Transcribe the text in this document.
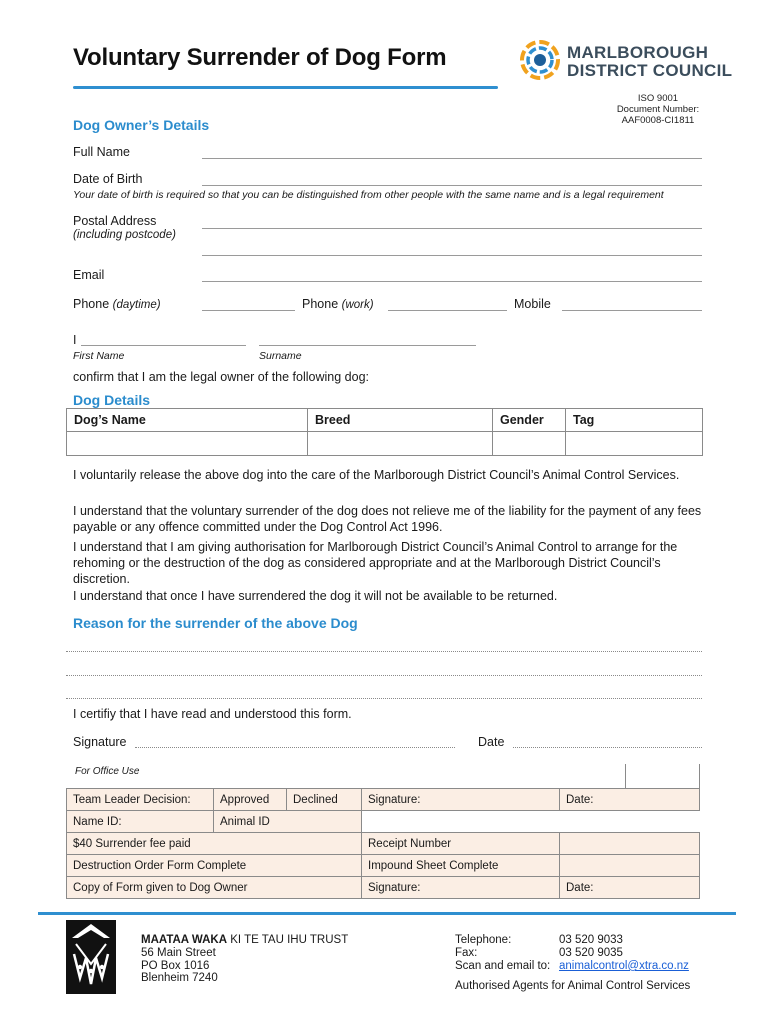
Voluntary Surrender of Dog Form	MARLBOROUGH
DISTRICT COUNCIL
ISO 9001
Document Number:
AAF0008-CI1811
Dog Owner’s Details
Full Name
Date of Birth
Your date of birth is required so that you can be distinguished from other people with the same name and is a legal requirement
Postal Address
(including postcode)
Email
Phone (daytime)	Phone (work)	Mobile
I
First Name	Surname
confirm that I am the legal owner of the following dog:
Dog Details
Dog’s Name	Breed	Gender	Tag

I voluntarily release the above dog into the care of the Marlborough District Council’s Animal Control Services.
I understand that the voluntary surrender of the dog does not relieve me of the liability for the payment of any fees payable or any offence committed under the Dog Control Act 1996.
I understand that I am giving authorisation for Marlborough District Council’s Animal Control to arrange for the rehoming or the destruction of the dog as considered appropriate and at the Marlborough District Council’s discretion.
I understand that once I have surrendered the dog it will not be available to be returned.
Reason for the surrender of the above Dog
I certifiy that I have read and understood this form.
Signature	Date
For Office Use
Team Leader Decision:	Approved	Declined	Signature:		Date:	
Name ID:	Animal ID					
$40 Surrender fee paid			Receipt Number			
Destruction Order Form Complete			Impound Sheet Complete			
Copy of Form given to Dog Owner			Signature:		Date:	
MAATAA WAKA KI TE TAU IHU TRUST
56 Main Street
PO Box 1016
Blenheim 7240
Telephone:	03 520 9033
Fax:	03 520 9035
Scan and email to: animalcontrol@xtra.co.nz
Authorised Agents for Animal Control Services
